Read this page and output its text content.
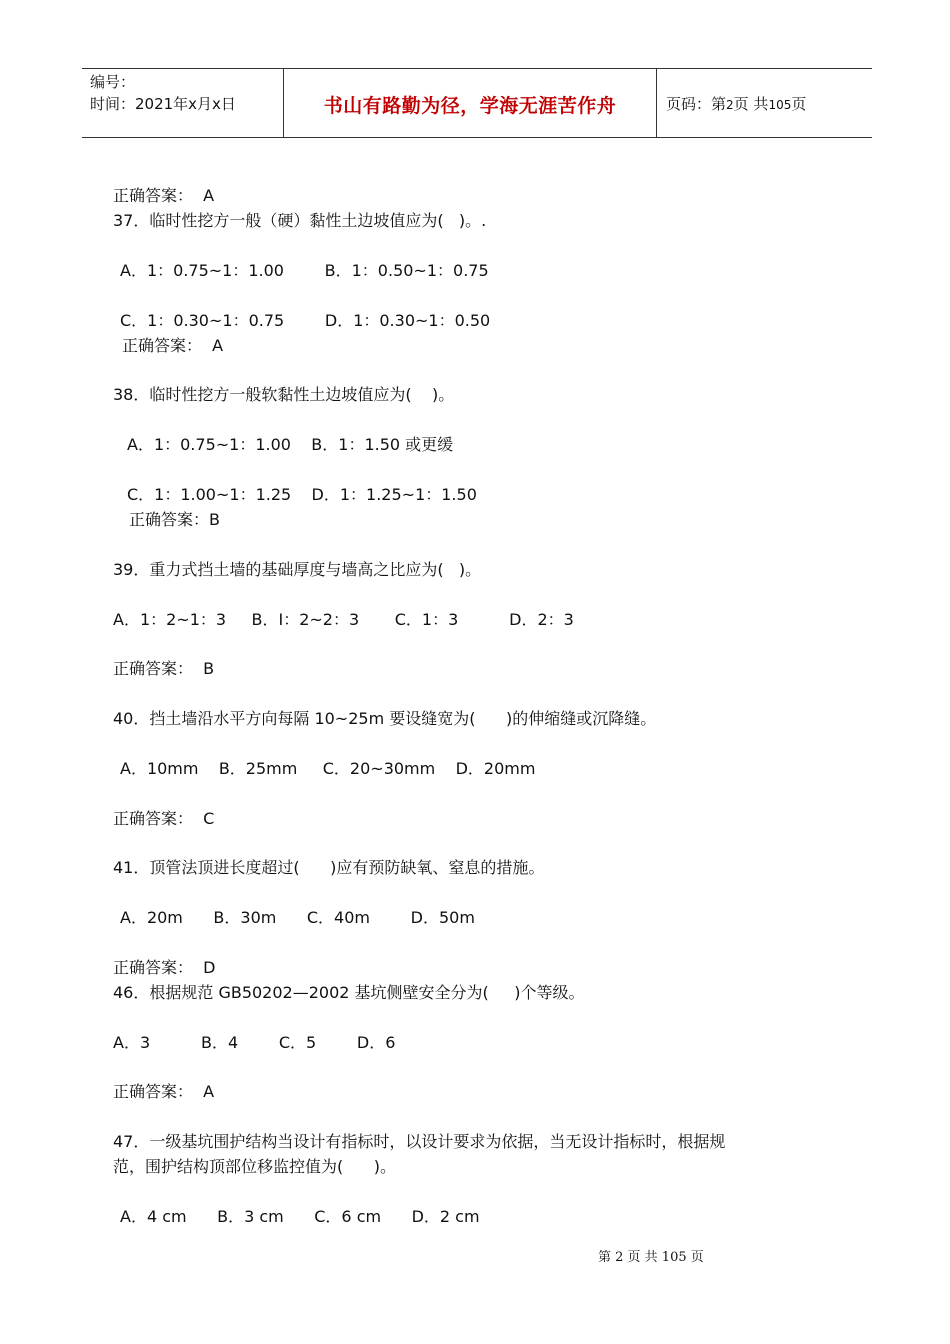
编号：
时间：2021年x月x日	书山有路勤为径，学海无涯苦作舟	页码：第2页 共105页
正确答案：  A
37．临时性挖方一般（硬）黏性土边坡值应为(   )。.
A．1：0.75~1：1.00        B．1：0.50~1：0.75
C．1：0.30~1：0.75        D．1：0.30~1：0.50
正确答案：  A
38．临时性挖方一般软黏性土边坡值应为(    )。
A．1：0.75~1：1.00    B．1：1.50 或更缓
C．1：1.00~1：1.25    D．1：1.25~1：1.50
正确答案：B
39．重力式挡土墙的基础厚度与墙高之比应为(   )。
A．1：2~1：3     B．I：2~2：3       C．1：3          D．2：3
正确答案：  B
40．挡土墙沿水平方向每隔 10~25m 要设缝宽为(      )的伸缩缝或沉降缝。
A．10mm    B．25mm     C．20~30mm    D．20mm
正确答案：  C
41．顶管法顶进长度超过(      )应有预防缺氧、窒息的措施。
A．20m      B．30m      C．40m        D．50m
正确答案：  D
46．根据规范 GB50202—2002 基坑侧壁安全分为(     )个等级。
A．3          B．4        C．5        D．6
正确答案：  A
47．一级基坑围护结构当设计有指标时，以设计要求为依据，当无设计指标时，根据规
范，围护结构顶部位移监控值为(      )。
A．4 cm      B．3 cm      C．6 cm      D．2 cm
第 2 页 共 105 页
